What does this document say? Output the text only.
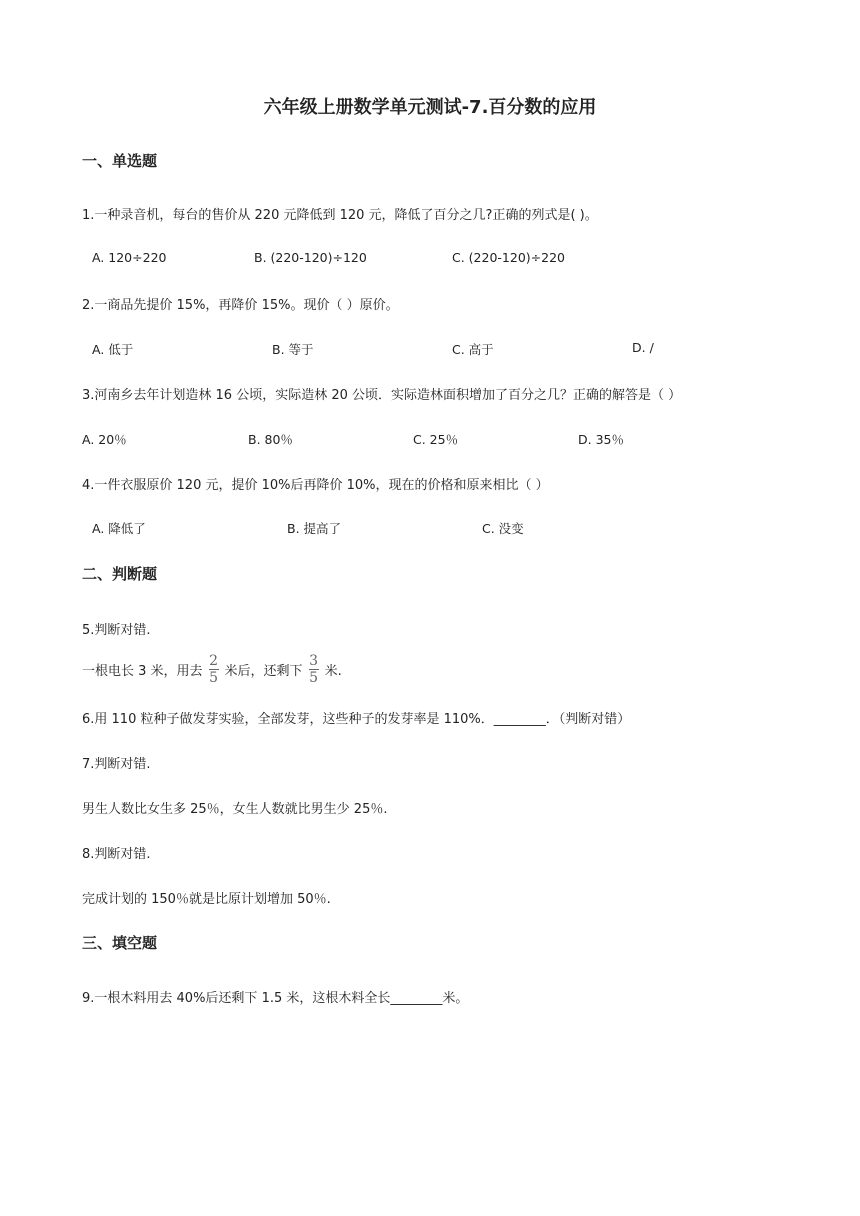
六年级上册数学单元测试-7.百分数的应用
一、单选题
1.一种录音机，每台的售价从 220 元降低到 120 元，降低了百分之几?正确的列式是( )。
A. 120÷220	B. (220-120)÷120	C. (220-120)÷220
2.一商品先提价 15%，再降价 15%。现价（ ）原价。
A. 低于	B. 等于	C. 高于	D. /
3.河南乡去年计划造林 16 公顷，实际造林 20 公顷．实际造林面积增加了百分之几？正确的解答是（ ）
A. 20％	B. 80％	C. 25％	D. 35％
4.一件衣服原价 120 元，提价 10%后再降价 10%，现在的价格和原来相比（ ）
A. 降低了	B. 提高了	C. 没变
二、判断题
5.判断对错.
一根电长 3 米，用去 $\frac{2}{5}$ 米后，还剩下 $\frac{3}{5}$ 米.
6.用 110 粒种子做发芽实验，全部发芽，这些种子的发芽率是 110%．________．（判断对错）
7.判断对错.
男生人数比女生多 25％，女生人数就比男生少 25％.
8.判断对错.
完成计划的 150％就是比原计划增加 50％.
三、填空题
9.一根木料用去 40%后还剩下 1.5 米，这根木料全长________米。
